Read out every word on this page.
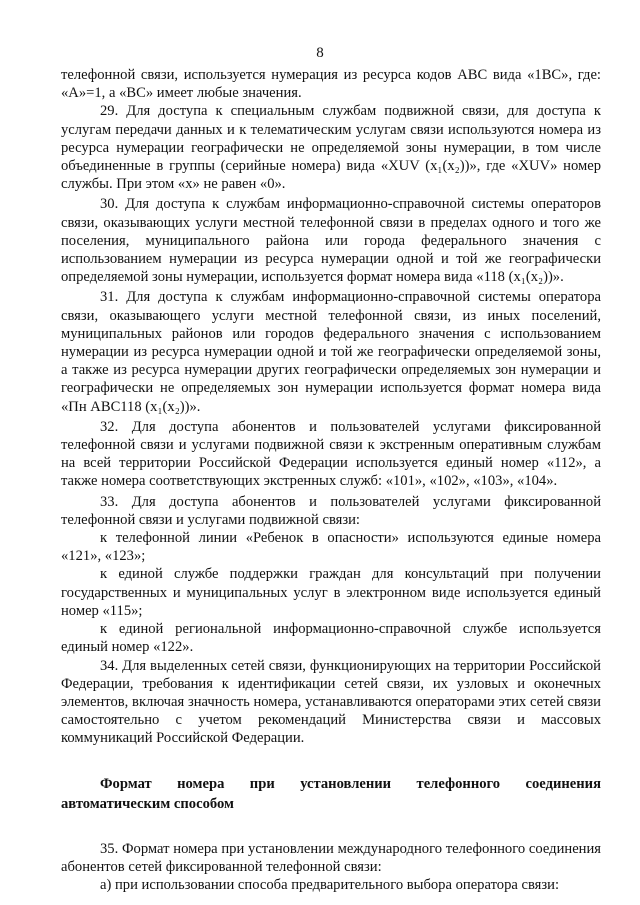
8

телефонной связи, используется нумерация из ресурса кодов ABC вида «1BC», где: «A»=1, а «BC» имеет любые значения.

29. Для доступа к специальным службам подвижной связи, для доступа к услугам передачи данных и к телематическим услугам связи используются номера из ресурса нумерации географически не определяемой зоны нумерации, в том числе объединенные в группы (серийные номера) вида «XUV (x₁(x₂))», где «XUV» номер службы. При этом «x» не равен «0».

30. Для доступа к службам информационно-справочной системы операторов связи, оказывающих услуги местной телефонной связи в пределах одного и того же поселения, муниципального района или города федерального значения с использованием нумерации из ресурса нумерации одной и той же географически определяемой зоны нумерации, используется формат номера вида «118 (x₁(x₂))».

31. Для доступа к службам информационно-справочной системы оператора связи, оказывающего услуги местной телефонной связи, из иных поселений, муниципальных районов или городов федерального значения с использованием нумерации из ресурса нумерации одной и той же географически определяемой зоны, а также из ресурса нумерации других географически определяемых зон нумерации и географически не определяемых зон нумерации используется формат номера вида «Пн ABC118 (x₁(x₂))».

32. Для доступа абонентов и пользователей услугами фиксированной телефонной связи и услугами подвижной связи к экстренным оперативным службам на всей территории Российской Федерации используется единый номер «112», а также номера соответствующих экстренных служб: «101», «102», «103», «104».

33. Для доступа абонентов и пользователей услугами фиксированной телефонной связи и услугами подвижной связи:

к телефонной линии «Ребенок в опасности» используются единые номера «121», «123»;

к единой службе поддержки граждан для консультаций при получении государственных и муниципальных услуг в электронном виде используется единый номер «115»;

к единой региональной информационно-справочной службе используется единый номер «122».

34. Для выделенных сетей связи, функционирующих на территории Российской Федерации, требования к идентификации сетей связи, их узловых и оконечных элементов, включая значность номера, устанавливаются операторами этих сетей связи самостоятельно с учетом рекомендаций Министерства связи и массовых коммуникаций Российской Федерации.

Формат номера при установлении телефонного соединения автоматическим способом

35. Формат номера при установлении международного телефонного соединения абонентов сетей фиксированной телефонной связи:

а) при использовании способа предварительного выбора оператора связи:
